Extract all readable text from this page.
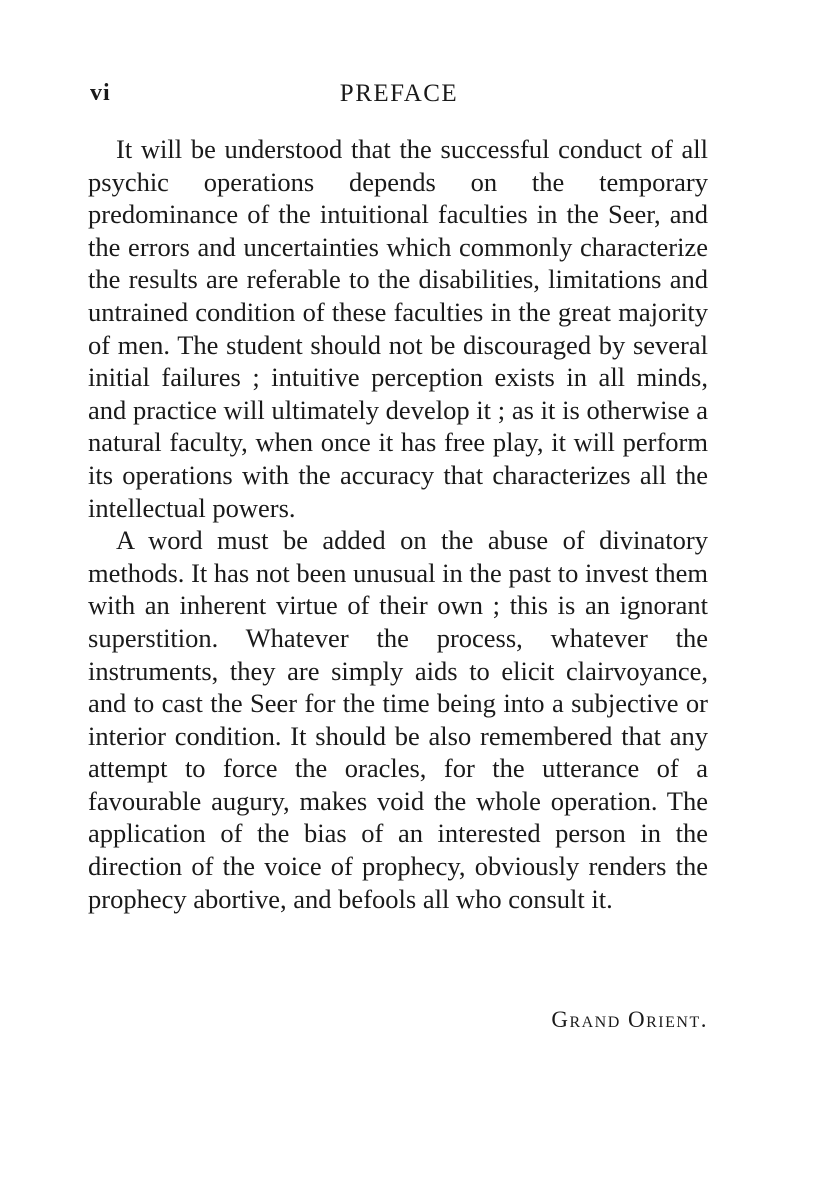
vi	PREFACE

It will be understood that the successful conduct of all psychic operations depends on the temporary predominance of the intuitional faculties in the Seer, and the errors and uncertainties which commonly characterize the results are referable to the disabilities, limitations and untrained condition of these faculties in the great majority of men. The student should not be discouraged by several initial failures ; intuitive perception exists in all minds, and practice will ultimately develop it ; as it is otherwise a natural faculty, when once it has free play, it will perform its operations with the accuracy that characterizes all the intellectual powers.

A word must be added on the abuse of divinatory methods. It has not been unusual in the past to invest them with an inherent virtue of their own ; this is an ignorant superstition. Whatever the process, whatever the instruments, they are simply aids to elicit clairvoyance, and to cast the Seer for the time being into a subjective or interior condition. It should be also remembered that any attempt to force the oracles, for the utterance of a favourable augury, makes void the whole operation. The application of the bias of an interested person in the direction of the voice of prophecy, obviously renders the prophecy abortive, and befools all who consult it.

Grand Orient.
